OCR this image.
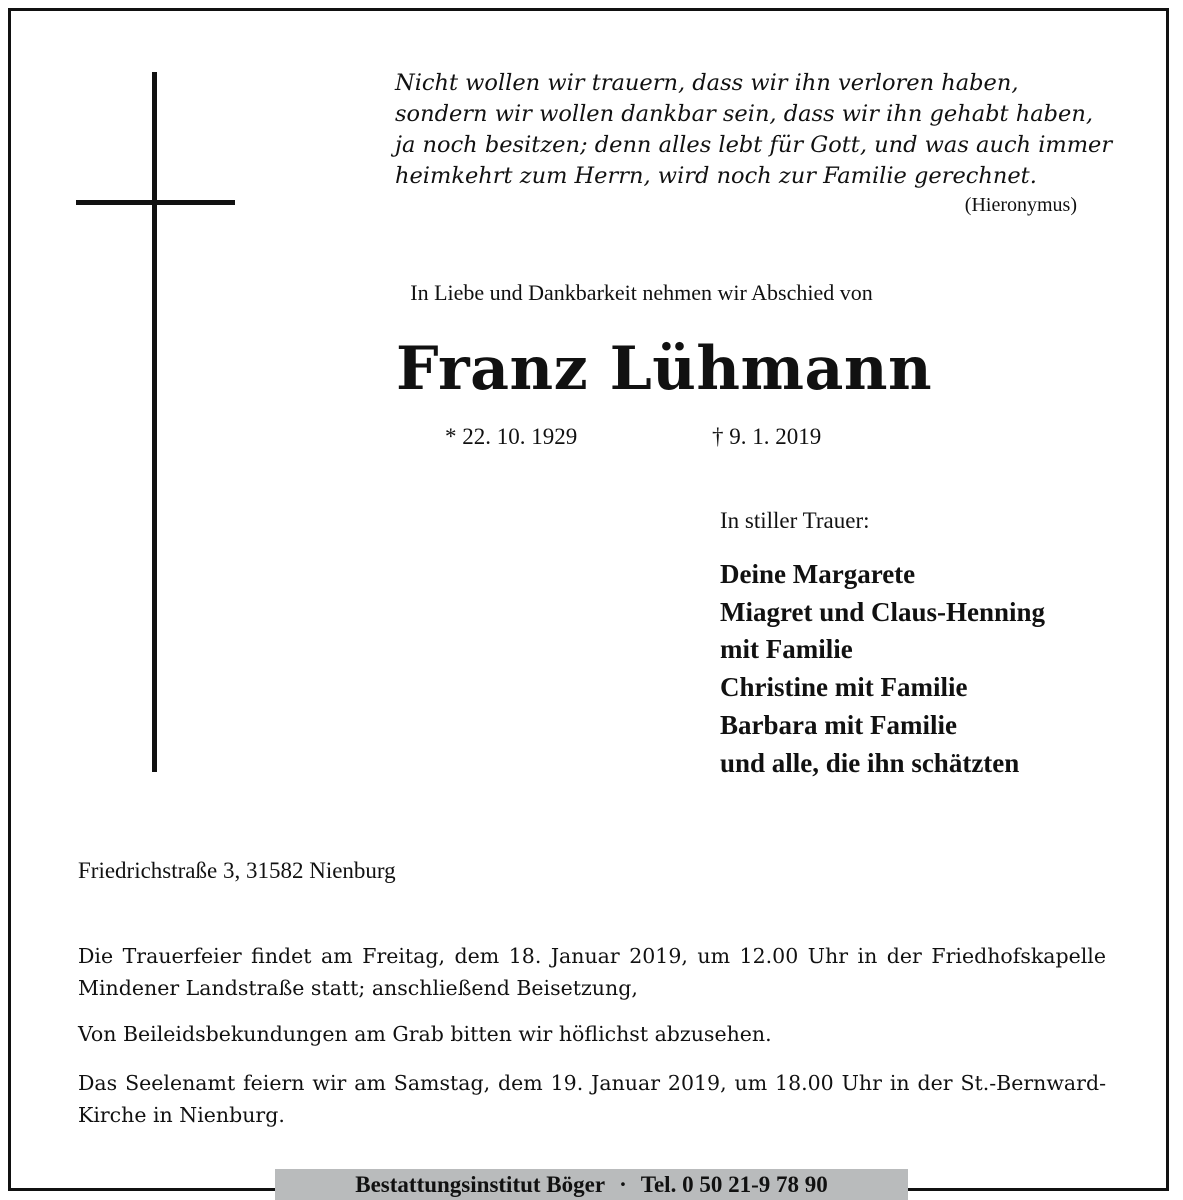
Nicht wollen wir trauern, dass wir ihn verloren haben,
sondern wir wollen dankbar sein, dass wir ihn gehabt haben,
ja noch besitzen; denn alles lebt für Gott, und was auch immer
heimkehrt zum Herrn, wird noch zur Familie gerechnet.
(Hieronymus)
In Liebe und Dankbarkeit nehmen wir Abschied von
Franz Lühmann
* 22. 10. 1929	† 9. 1. 2019
In stiller Trauer:
Deine Margarete
Miagret und Claus-Henning
mit Familie
Christine mit Familie
Barbara mit Familie
und alle, die ihn schätzten
Friedrichstraße 3, 31582 Nienburg
Die Trauerfeier findet am Freitag, dem 18. Januar 2019, um 12.00 Uhr in der Friedhofskapelle Mindener Landstraße statt; anschließend Beisetzung,
Von Beileidsbekundungen am Grab bitten wir höflichst abzusehen.
Das Seelenamt feiern wir am Samstag, dem 19. Januar 2019, um 18.00 Uhr in der St.-Bernward-Kirche in Nienburg.
Bestattungsinstitut Böger · Tel. 0 50 21-9 78 90
